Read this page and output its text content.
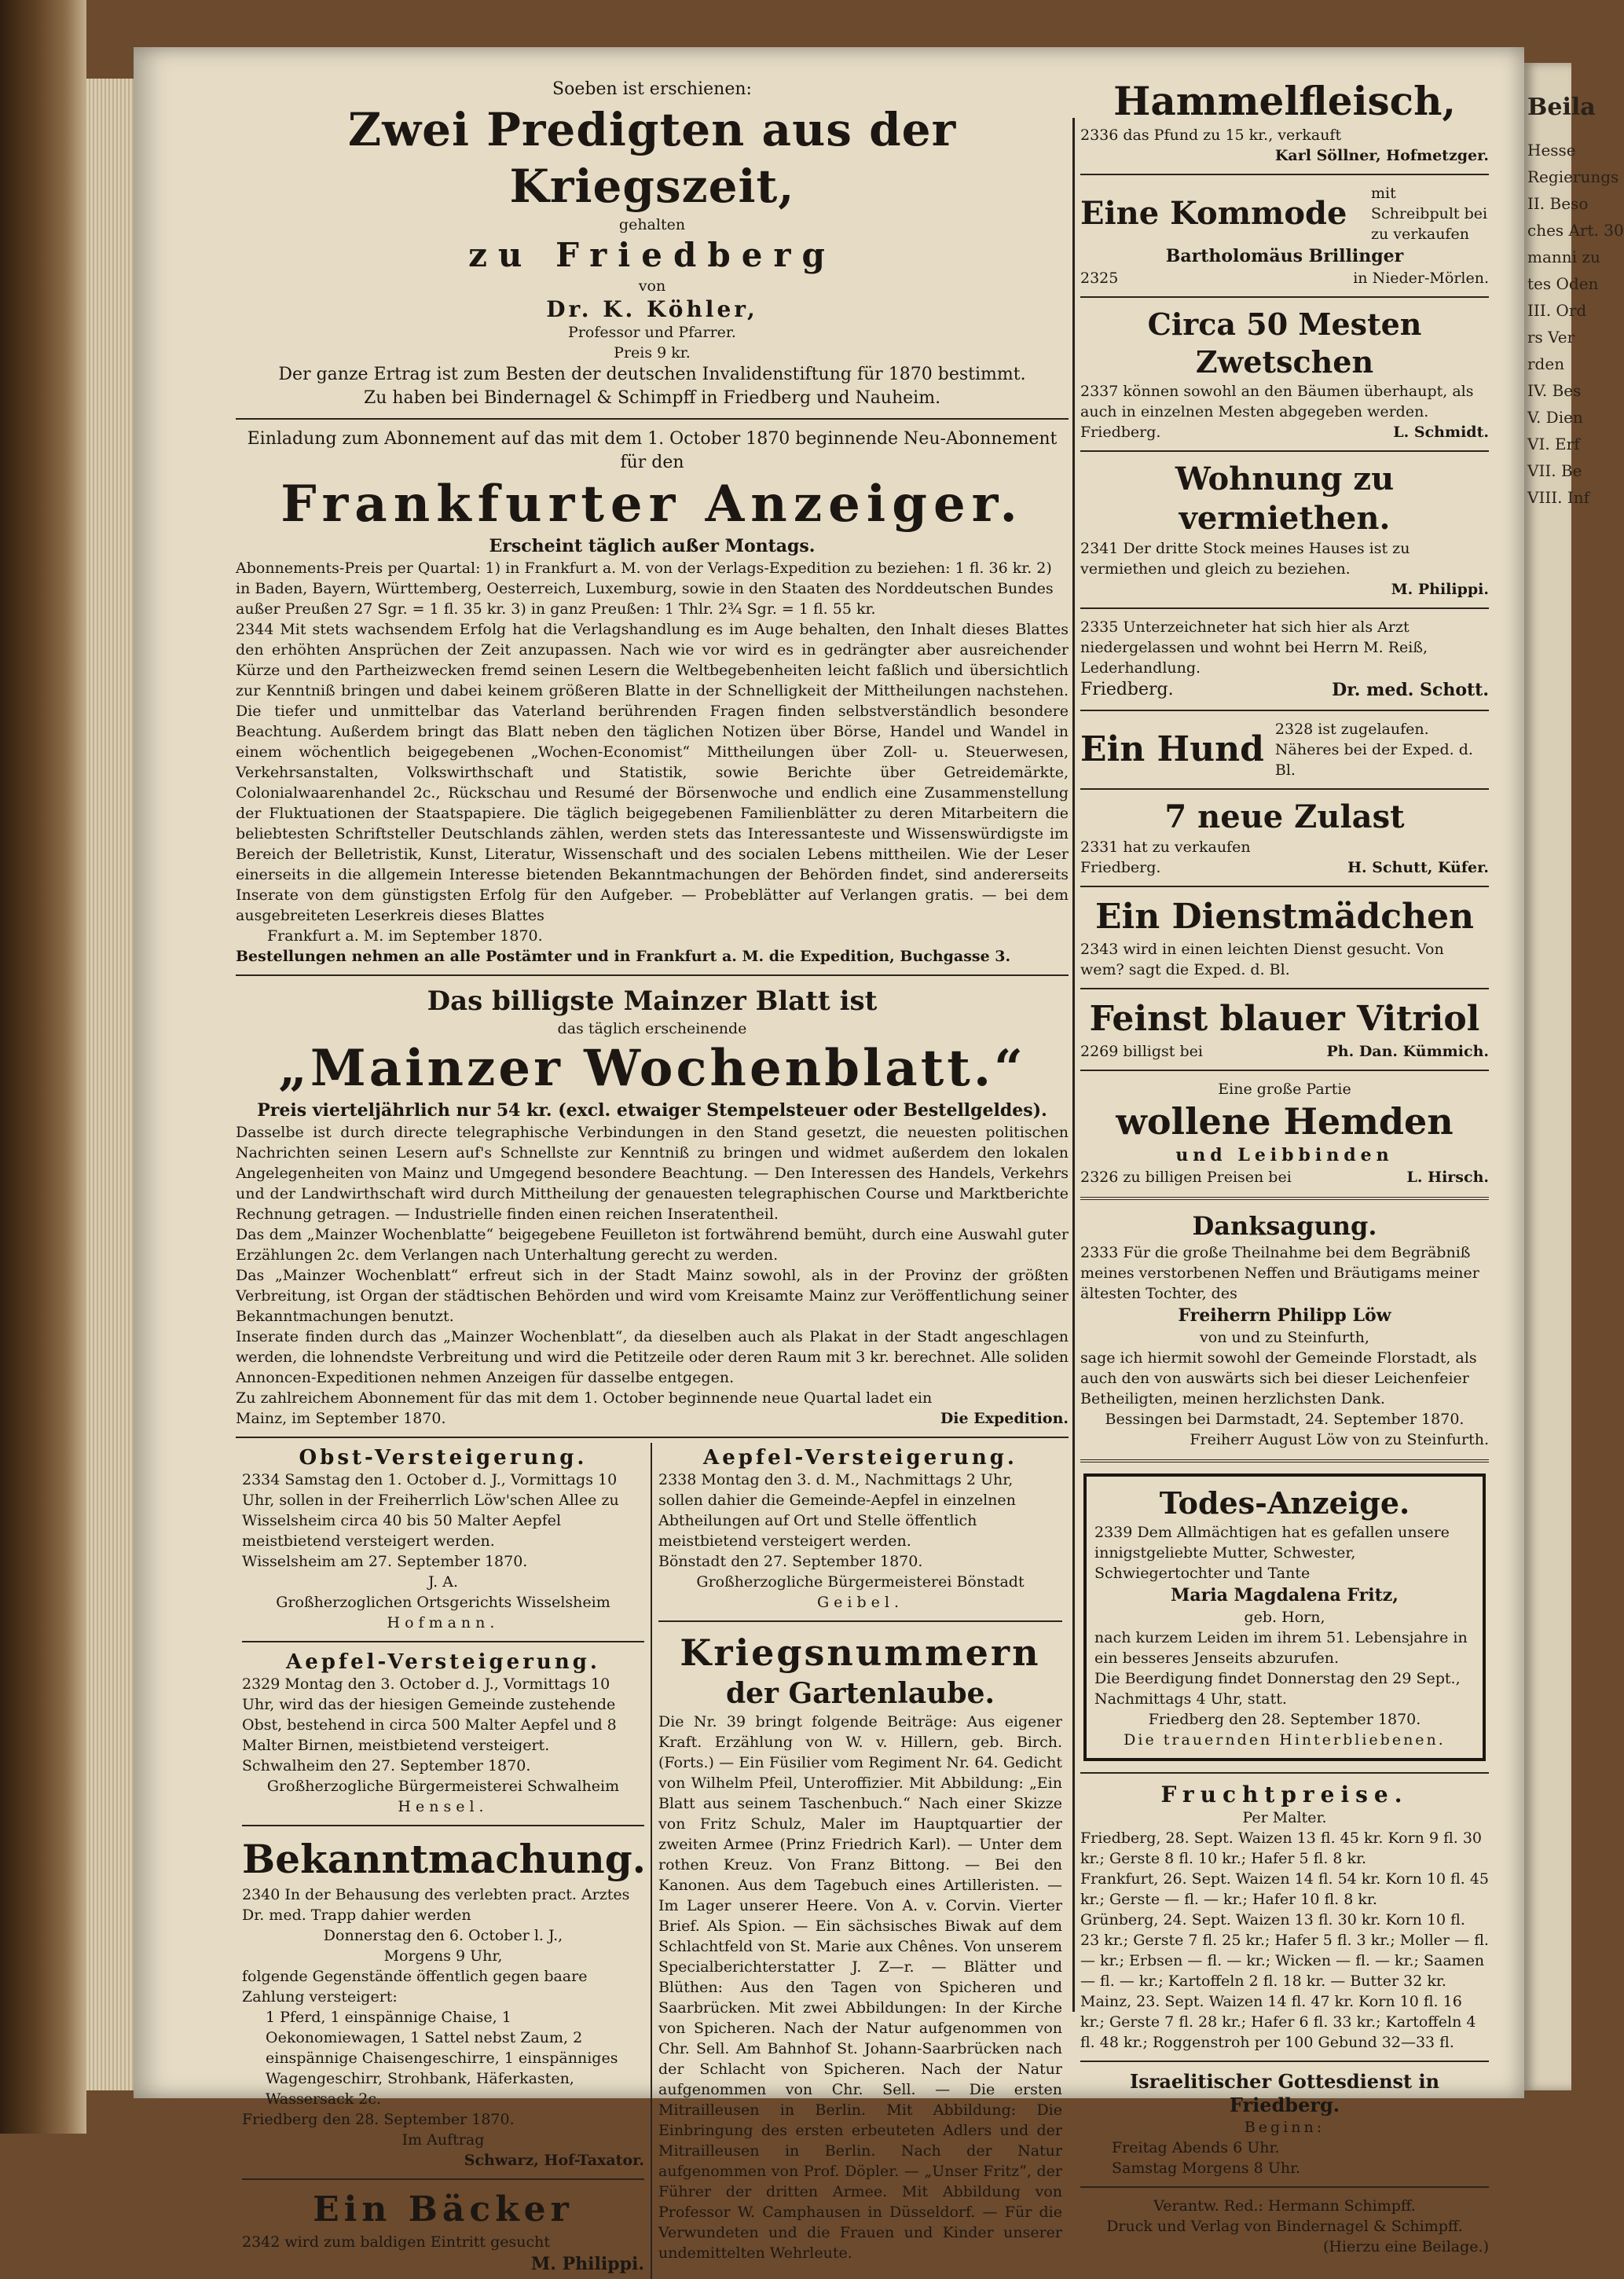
Beila
Hesse
Regierungs
II. Beso
ches Art. 30
manni zu
tes Oden
III. Ord
rs Ver
rden
IV. Bes
V. Dien
VI. Erf
VII. Be
VIII. Inf

Soeben ist erschienen:

Zwei Predigten aus der Kriegszeit,

gehalten

zu Friedberg

von

Dr. K. Köhler,

Professor und Pfarrer.

Preis 9 kr.

Der ganze Ertrag ist zum Besten der deutschen Invalidenstiftung für 1870 bestimmt.

Zu haben bei Bindernagel & Schimpff in Friedberg und Nauheim.

Einladung zum Abonnement auf das mit dem 1. October 1870 beginnende Neu-Abonnement für den

Frankfurter Anzeiger.

Erscheint täglich außer Montags.

Abonnements-Preis per Quartal: 1) in Frankfurt a. M. von der Verlags-Expedition zu beziehen: 1 fl. 36 kr. 2) in Baden, Bayern, Württemberg, Oesterreich, Luxemburg, sowie in den Staaten des Norddeutschen Bundes außer Preußen 27 Sgr. = 1 fl. 35 kr. 3) in ganz Preußen: 1 Thlr. 2¾ Sgr. = 1 fl. 55 kr.

2344 Mit stets wachsendem Erfolg hat die Verlagshandlung es im Auge behalten, den Inhalt dieses Blattes den erhöhten Ansprüchen der Zeit anzupassen. Nach wie vor wird es in gedrängter aber ausreichender Kürze und den Partheizwecken fremd seinen Lesern die Weltbegebenheiten leicht faßlich und übersichtlich zur Kenntniß bringen und dabei keinem größeren Blatte in der Schnelligkeit der Mittheilungen nachstehen. Die tiefer und unmittelbar das Vaterland berührenden Fragen finden selbstverständlich besondere Beachtung. Außerdem bringt das Blatt neben den täglichen Notizen über Börse, Handel und Wandel in einem wöchentlich beigegebenen „Wochen-Economist“ Mittheilungen über Zoll- u. Steuerwesen, Verkehrsanstalten, Volkswirthschaft und Statistik, sowie Berichte über Getreidemärkte, Colonialwaarenhandel 2c., Rückschau und Resumé der Börsenwoche und endlich eine Zusammenstellung der Fluktuationen der Staatspapiere. Die täglich beigegebenen Familienblätter zu deren Mitarbeitern die beliebtesten Schriftsteller Deutschlands zählen, werden stets das Interessanteste und Wissenswürdigste im Bereich der Belletristik, Kunst, Literatur, Wissenschaft und des socialen Lebens mittheilen. Wie der Leser einerseits in die allgemein Interesse bietenden Bekanntmachungen der Behörden findet, sind andererseits Inserate von dem günstigsten Erfolg für den Aufgeber. — Probeblätter auf Verlangen gratis. — bei dem ausgebreiteten Leserkreis dieses Blattes

Frankfurt a. M. im September 1870.

Bestellungen nehmen an alle Postämter und in Frankfurt a. M. die Expedition, Buchgasse 3.

Das billigste Mainzer Blatt ist

das täglich erscheinende

„Mainzer Wochenblatt.“

Preis vierteljährlich nur 54 kr. (excl. etwaiger Stempelsteuer oder Bestellgeldes).

Dasselbe ist durch directe telegraphische Verbindungen in den Stand gesetzt, die neuesten politischen Nachrichten seinen Lesern auf's Schnellste zur Kenntniß zu bringen und widmet außerdem den lokalen Angelegenheiten von Mainz und Umgegend besondere Beachtung. — Den Interessen des Handels, Verkehrs und der Landwirthschaft wird durch Mittheilung der genauesten telegraphischen Course und Marktberichte Rechnung getragen. — Industrielle finden einen reichen Inseratentheil.

Das dem „Mainzer Wochenblatte“ beigegebene Feuilleton ist fortwährend bemüht, durch eine Auswahl guter Erzählungen 2c. dem Verlangen nach Unterhaltung gerecht zu werden.

Das „Mainzer Wochenblatt“ erfreut sich in der Stadt Mainz sowohl, als in der Provinz der größten Verbreitung, ist Organ der städtischen Behörden und wird vom Kreisamte Mainz zur Veröffentlichung seiner Bekanntmachungen benutzt.

Inserate finden durch das „Mainzer Wochenblatt“, da dieselben auch als Plakat in der Stadt angeschlagen werden, die lohnendste Verbreitung und wird die Petitzeile oder deren Raum mit 3 kr. berechnet. Alle soliden Annoncen-Expeditionen nehmen Anzeigen für dasselbe entgegen.

Zu zahlreichem Abonnement für das mit dem 1. October beginnende neue Quartal ladet ein

Mainz, im September 1870.	Die Expedition.

Obst-Versteigerung.

2334 Samstag den 1. October d. J., Vormittags 10 Uhr, sollen in der Freiherrlich Löw'schen Allee zu Wisselsheim circa 40 bis 50 Malter Aepfel meistbietend versteigert werden.

Wisselsheim am 27. September 1870.

J. A.

Großherzoglichen Ortsgerichts Wisselsheim

Hofmann.

Aepfel-Versteigerung.

2329 Montag den 3. October d. J., Vormittags 10 Uhr, wird das der hiesigen Gemeinde zustehende Obst, bestehend in circa 500 Malter Aepfel und 8 Malter Birnen, meistbietend versteigert.

Schwalheim den 27. September 1870.

Großherzogliche Bürgermeisterei Schwalheim

Hensel.

Bekanntmachung.

2340 In der Behausung des verlebten pract. Arztes Dr. med. Trapp dahier werden

Donnerstag den 6. October l. J.,

Morgens 9 Uhr,

folgende Gegenstände öffentlich gegen baare Zahlung versteigert:

1 Pferd, 1 einspännige Chaise, 1 Oekonomiewagen, 1 Sattel nebst Zaum, 2 einspännige Chaisengeschirre, 1 einspänniges Wagengeschirr, Strohbank, Häferkasten, Wassersack 2c.

Friedberg den 28. September 1870.

Im Auftrag

Schwarz, Hof-Taxator.

Ein Bäcker

2342 wird zum baldigen Eintritt gesucht

M. Philippi.

Aepfel-Versteigerung.

2338 Montag den 3. d. M., Nachmittags 2 Uhr, sollen dahier die Gemeinde-Aepfel in einzelnen Abtheilungen auf Ort und Stelle öffentlich meistbietend versteigert werden.

Bönstadt den 27. September 1870.

Großherzogliche Bürgermeisterei Bönstadt

Geibel.

Kriegsnummern

der Gartenlaube.

Die Nr. 39 bringt folgende Beiträge: Aus eigener Kraft. Erzählung von W. v. Hillern, geb. Birch. (Forts.) — Ein Füsilier vom Regiment Nr. 64. Gedicht von Wilhelm Pfeil, Unteroffizier. Mit Abbildung: „Ein Blatt aus seinem Taschenbuch.“ Nach einer Skizze von Fritz Schulz, Maler im Hauptquartier der zweiten Armee (Prinz Friedrich Karl). — Unter dem rothen Kreuz. Von Franz Bittong. — Bei den Kanonen. Aus dem Tagebuch eines Artilleristen. — Im Lager unserer Heere. Von A. v. Corvin. Vierter Brief. Als Spion. — Ein sächsisches Biwak auf dem Schlachtfeld von St. Marie aux Chênes. Von unserem Specialberichterstatter J. Z—r. — Blätter und Blüthen: Aus den Tagen von Spicheren und Saarbrücken. Mit zwei Abbildungen: In der Kirche von Spicheren. Nach der Natur aufgenommen von Chr. Sell. Am Bahnhof St. Johann-Saarbrücken nach der Schlacht von Spicheren. Nach der Natur aufgenommen von Chr. Sell. — Die ersten Mitrailleusen in Berlin. Mit Abbildung: Die Einbringung des ersten erbeuteten Adlers und der Mitrailleusen in Berlin. Nach der Natur aufgenommen von Prof. Döpler. — „Unser Fritz“, der Führer der dritten Armee. Mit Abbildung von Professor W. Camphausen in Düsseldorf. — Für die Verwundeten und die Frauen und Kinder unserer undemittelten Wehrleute.

Hammelfleisch,

2336 das Pfund zu 15 kr., verkauft

Karl Söllner, Hofmetzger.

Eine Kommode
mit Schreibpult bei zu verkaufen

Bartholomäus Brillinger

2325	in Nieder-Mörlen.

Circa 50 Mesten Zwetschen

2337 können sowohl an den Bäumen überhaupt, als auch in einzelnen Mesten abgegeben werden.

Friedberg.	L. Schmidt.

Wohnung zu vermiethen.

2341 Der dritte Stock meines Hauses ist zu vermiethen und gleich zu beziehen.

M. Philippi.

2335 Unterzeichneter hat sich hier als Arzt niedergelassen und wohnt bei Herrn M. Reiß, Lederhandlung.

Friedberg.	Dr. med. Schott.
Ein Hund 2328 ist zugelaufen. Näheres bei der Exped. d. Bl.

7 neue Zulast

2331 hat zu verkaufen

Friedberg.	H. Schutt, Küfer.

Ein Dienstmädchen

2343 wird in einen leichten Dienst gesucht. Von wem? sagt die Exped. d. Bl.

Feinst blauer Vitriol

2269 billigst bei	Ph. Dan. Kümmich.

Eine große Partie

wollene Hemden

und Leibbinden

2326 zu billigen Preisen bei	L. Hirsch.

Danksagung.

2333 Für die große Theilnahme bei dem Begräbniß meines verstorbenen Neffen und Bräutigams meiner ältesten Tochter, des

Freiherrn Philipp Löw

von und zu Steinfurth,

sage ich hiermit sowohl der Gemeinde Florstadt, als auch den von auswärts sich bei dieser Leichenfeier Betheiligten, meinen herzlichsten Dank.

Bessingen bei Darmstadt, 24. September 1870.

Freiherr August Löw von zu Steinfurth.

Todes-Anzeige.

2339 Dem Allmächtigen hat es gefallen unsere innigstgeliebte Mutter, Schwester, Schwiegertochter und Tante

Maria Magdalena Fritz,

geb. Horn,

nach kurzem Leiden im ihrem 51. Lebensjahre in ein besseres Jenseits abzurufen.

Die Beerdigung findet Donnerstag den 29 Sept., Nachmittags 4 Uhr, statt.

Friedberg den 28. September 1870.

Die trauernden Hinterbliebenen.

Fruchtpreise.

Per Malter.

Friedberg, 28. Sept. Waizen 13 fl. 45 kr. Korn 9 fl. 30 kr.; Gerste 8 fl. 10 kr.; Hafer 5 fl. 8 kr.

Frankfurt, 26. Sept. Waizen 14 fl. 54 kr. Korn 10 fl. 45 kr.; Gerste — fl. — kr.; Hafer 10 fl. 8 kr.

Grünberg, 24. Sept. Waizen 13 fl. 30 kr. Korn 10 fl. 23 kr.; Gerste 7 fl. 25 kr.; Hafer 5 fl. 3 kr.; Moller — fl. — kr.; Erbsen — fl. — kr.; Wicken — fl. — kr.; Saamen — fl. — kr.; Kartoffeln 2 fl. 18 kr. — Butter 32 kr.

Mainz, 23. Sept. Waizen 14 fl. 47 kr. Korn 10 fl. 16 kr.; Gerste 7 fl. 28 kr.; Hafer 6 fl. 33 kr.; Kartoffeln 4 fl. 48 kr.; Roggenstroh per 100 Gebund 32—33 fl.

Israelitischer Gottesdienst in Friedberg.

Beginn:

Freitag Abends 6 Uhr.

Samstag Morgens 8 Uhr.

Verantw. Red.: Hermann Schimpff.

Druck und Verlag von Bindernagel & Schimpff.

(Hierzu eine Beilage.)
